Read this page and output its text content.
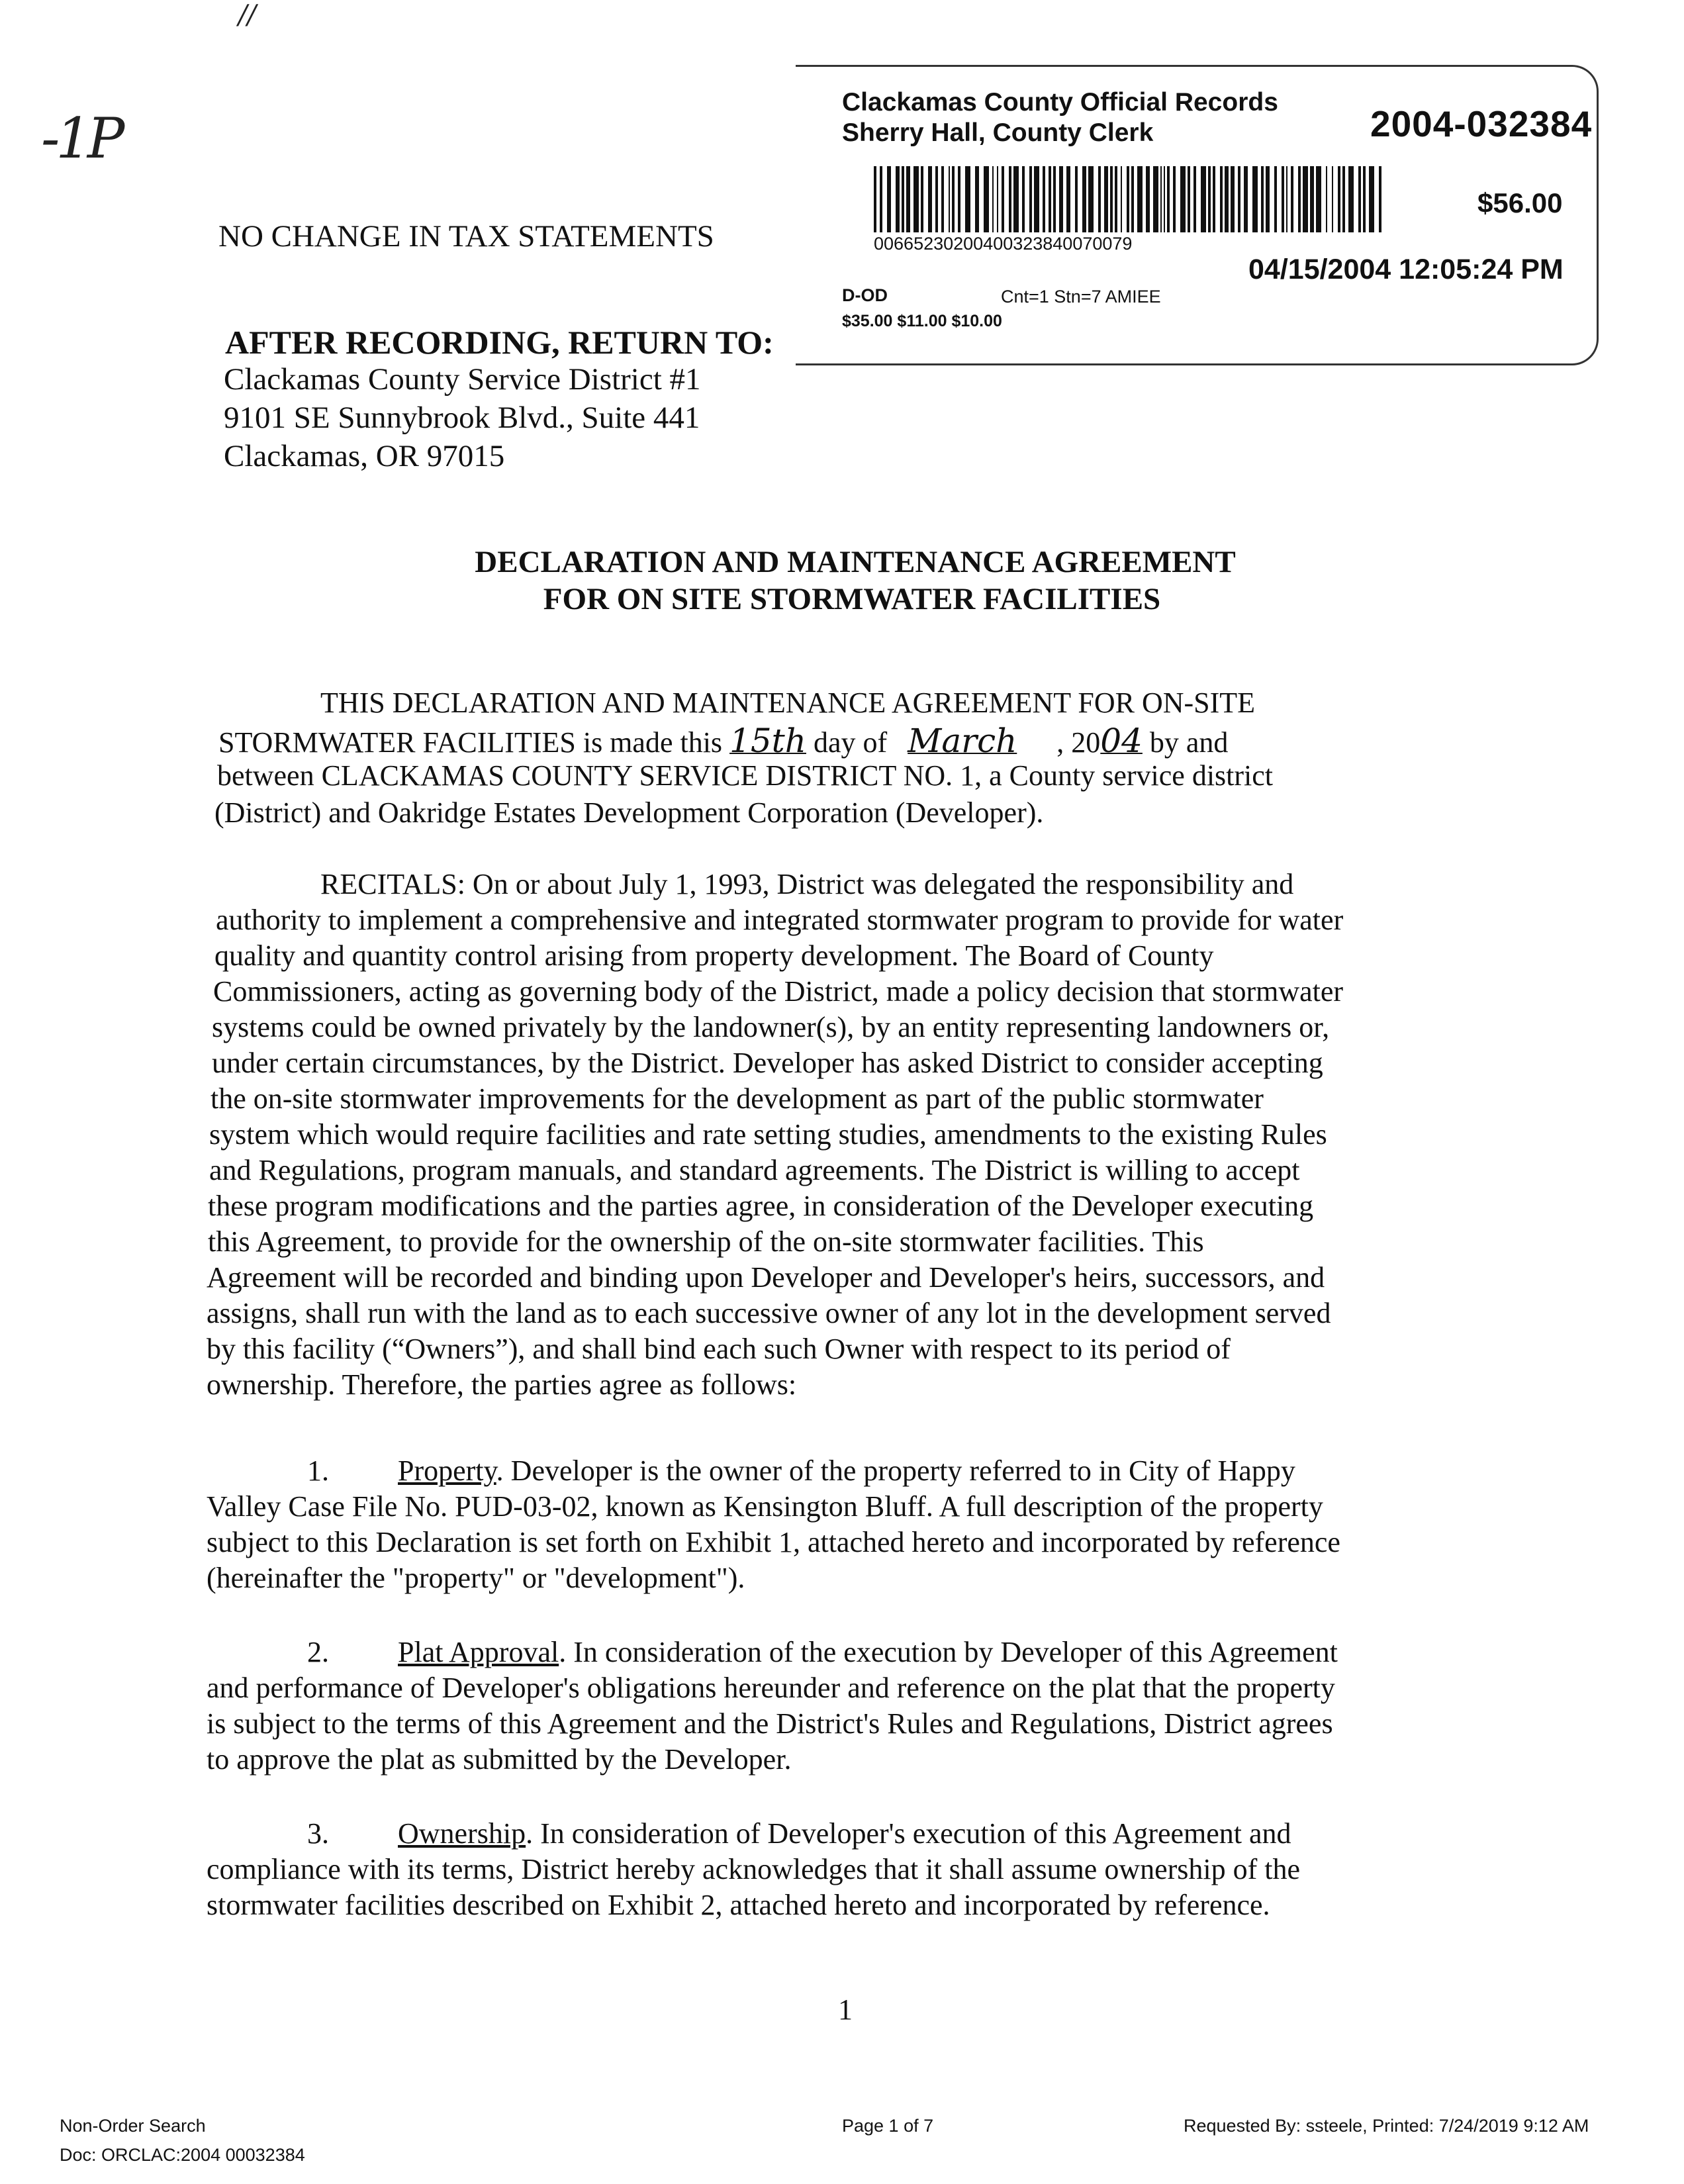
//
-1P
Clackamas County Official Records
Sherry Hall, County Clerk	2004-032384
$56.00
00665230200400323840070079
04/15/2004 12:05:24 PM
D-OD	Cnt=1 Stn=7 AMIEE
$35.00 $11.00 $10.00
NO CHANGE IN TAX STATEMENTS
AFTER RECORDING, RETURN TO:
Clackamas County Service District #1
9101 SE Sunnybrook Blvd., Suite 441
Clackamas, OR 97015
DECLARATION AND MAINTENANCE AGREEMENT
FOR ON SITE STORMWATER FACILITIES
THIS DECLARATION AND MAINTENANCE AGREEMENT FOR ON-SITE
STORMWATER FACILITIES is made this 15th day of March , 2004 by and
between CLACKAMAS COUNTY SERVICE DISTRICT NO. 1, a County service district
(District) and Oakridge Estates Development Corporation (Developer).
RECITALS: On or about July 1, 1993, District was delegated the responsibility and
authority to implement a comprehensive and integrated stormwater program to provide for water
quality and quantity control arising from property development. The Board of County
Commissioners, acting as governing body of the District, made a policy decision that stormwater
systems could be owned privately by the landowner(s), by an entity representing landowners or,
under certain circumstances, by the District. Developer has asked District to consider accepting
the on-site stormwater improvements for the development as part of the public stormwater
system which would require facilities and rate setting studies, amendments to the existing Rules
and Regulations, program manuals, and standard agreements. The District is willing to accept
these program modifications and the parties agree, in consideration of the Developer executing
this Agreement, to provide for the ownership of the on-site stormwater facilities. This
Agreement will be recorded and binding upon Developer and Developer's heirs, successors, and
assigns, shall run with the land as to each successive owner of any lot in the development served
by this facility (“Owners”), and shall bind each such Owner with respect to its period of
ownership. Therefore, the parties agree as follows:
1. Property. Developer is the owner of the property referred to in City of Happy
Valley Case File No. PUD-03-02, known as Kensington Bluff. A full description of the property
subject to this Declaration is set forth on Exhibit 1, attached hereto and incorporated by reference
(hereinafter the "property" or "development").
2. Plat Approval. In consideration of the execution by Developer of this Agreement
and performance of Developer's obligations hereunder and reference on the plat that the property
is subject to the terms of this Agreement and the District's Rules and Regulations, District agrees
to approve the plat as submitted by the Developer.
3. Ownership. In consideration of Developer's execution of this Agreement and
compliance with its terms, District hereby acknowledges that it shall assume ownership of the
stormwater facilities described on Exhibit 2, attached hereto and incorporated by reference.
1
Non-Order Search
Doc: ORCLAC:2004 00032384
Page 1 of 7	Requested By: ssteele, Printed: 7/24/2019 9:12 AM
